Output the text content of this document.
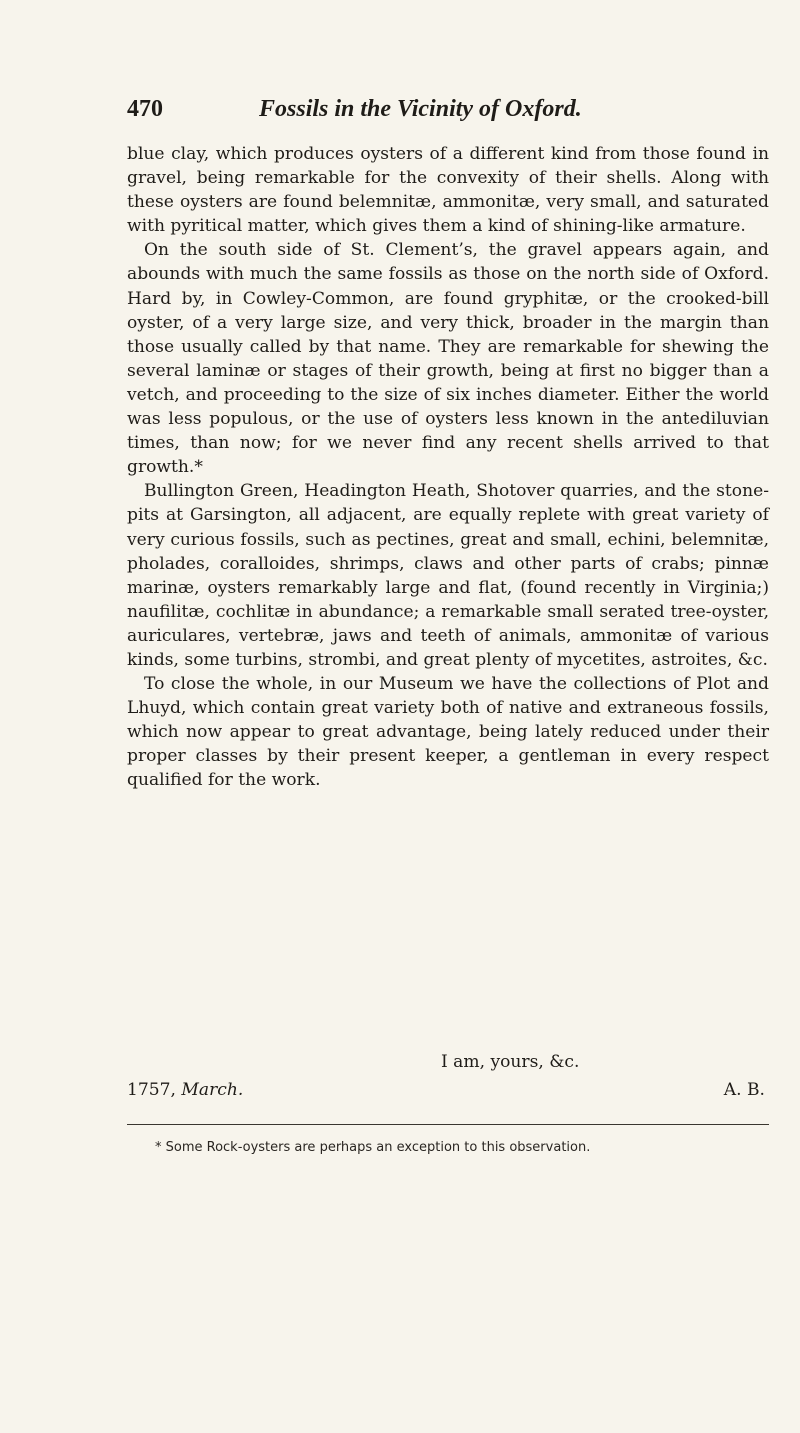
470	Fossils in the Vicinity of Oxford.

blue clay, which produces oysters of a different kind from those found in gravel, being remarkable for the convexity of their shells. Along with these oysters are found belemnitæ, ammonitæ, very small, and saturated with pyritical matter, which gives them a kind of shining-like armature.

On the south side of St. Clement’s, the gravel appears again, and abounds with much the same fossils as those on the north side of Oxford. Hard by, in Cowley-Common, are found gryphitæ, or the crooked-bill oyster, of a very large size, and very thick, broader in the margin than those usually called by that name. They are remarkable for shewing the several laminæ or stages of their growth, being at first no bigger than a vetch, and proceeding to the size of six inches diameter. Either the world was less populous, or the use of oysters less known in the antediluvian times, than now; for we never find any recent shells arrived to that growth.*

Bullington Green, Headington Heath, Shotover quarries, and the stone-pits at Garsington, all adjacent, are equally replete with great variety of very curious fossils, such as pectines, great and small, echini, belemnitæ, pholades, coralloides, shrimps, claws and other parts of crabs; pinnæ marinæ, oysters remarkably large and flat, (found recently in Virginia;) naufilitæ, cochlitæ in abundance; a remarkable small serated tree-oyster, auriculares, vertebræ, jaws and teeth of animals, ammonitæ of various kinds, some turbins, strombi, and great plenty of mycetites, astroites, &c.

To close the whole, in our Museum we have the collections of Plot and Lhuyd, which contain great variety both of native and extraneous fossils, which now appear to great advantage, being lately reduced under their proper classes by their present keeper, a gentleman in every respect qualified for the work.

I am, yours, &c.
1757, March.	A. B.
* Some Rock-oysters are perhaps an exception to this observation.
